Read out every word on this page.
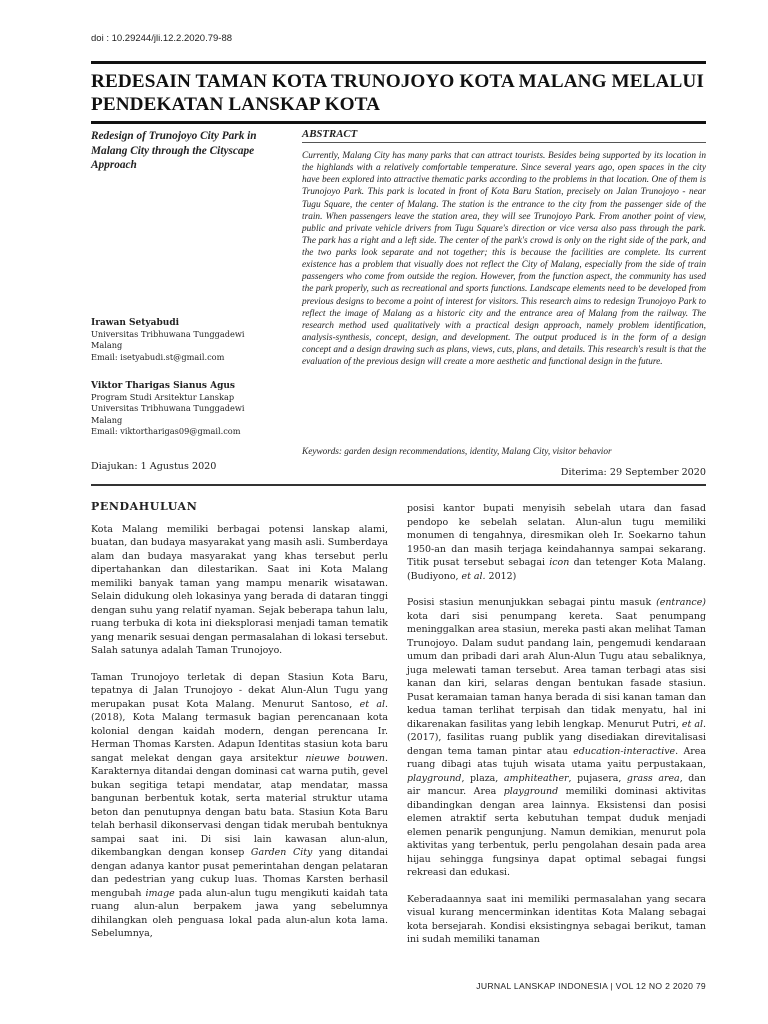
doi : 10.29244/jli.12.2.2020.79-88
REDESAIN TAMAN KOTA TRUNOJOYO KOTA MALANG MELALUI PENDEKATAN LANSKAP KOTA
Redesign of Trunojoyo City Park in Malang City through the Cityscape Approach
ABSTRACT
Currently, Malang City has many parks that can attract tourists. Besides being supported by its location in the highlands with a relatively comfortable temperature. Since several years ago, open spaces in the city have been explored into attractive thematic parks according to the problems in that location. One of them is Trunojoyo Park. This park is located in front of Kota Baru Station, precisely on Jalan Trunojoyo - near Tugu Square, the center of Malang. The station is the entrance to the city from the passenger side of the train. When passengers leave the station area, they will see Trunojoyo Park. From another point of view, public and private vehicle drivers from Tugu Square's direction or vice versa also pass through the park. The park has a right and a left side. The center of the park's crowd is only on the right side of the park, and the two parks look separate and not together; this is because the facilities are complete. Its current existence has a problem that visually does not reflect the City of Malang, especially from the side of train passengers who come from outside the region. However, from the function aspect, the community has used the park properly, such as recreational and sports functions. Landscape elements need to be developed from previous designs to become a point of interest for visitors. This research aims to redesign Trunojoyo Park to reflect the image of Malang as a historic city and the entrance area of Malang from the railway. The research method used qualitatively with a practical design approach, namely problem identification, analysis-synthesis, concept, design, and development. The output produced is in the form of a design concept and a design drawing such as plans, views, cuts, plans, and details. This research's result is that the evaluation of the previous design will create a more aesthetic and functional design in the future.
Keywords: garden design recommendations, identity, Malang City, visitor behavior
Irawan Setyabudi
Universitas Tribhuwana Tunggadewi
Malang
Email: isetyabudi.st@gmail.com
Viktor Tharigas Sianus Agus
Program Studi Arsitektur Lanskap
Universitas Tribhuwana Tunggadewi
Malang
Email: viktortharigas09@gmail.com
Diajukan: 1 Agustus 2020
Diterima: 29 September 2020
PENDAHULUAN

Kota Malang memiliki berbagai potensi lanskap alami, buatan, dan budaya masyarakat yang masih asli. Sumberdaya alam dan budaya masyarakat yang khas tersebut perlu dipertahankan dan dilestarikan. Saat ini Kota Malang memiliki banyak taman yang mampu menarik wisatawan. Selain didukung oleh lokasinya yang berada di dataran tinggi dengan suhu yang relatif nyaman. Sejak beberapa tahun lalu, ruang terbuka di kota ini dieksplorasi menjadi taman tematik yang menarik sesuai dengan permasalahan di lokasi tersebut. Salah satunya adalah Taman Trunojoyo.

Taman Trunojoyo terletak di depan Stasiun Kota Baru, tepatnya di Jalan Trunojoyo - dekat Alun-Alun Tugu yang merupakan pusat Kota Malang. Menurut Santoso, et al. (2018), Kota Malang termasuk bagian perencanaan kota kolonial dengan kaidah modern, dengan perencana Ir. Herman Thomas Karsten. Adapun Identitas stasiun kota baru sangat melekat dengan gaya arsitektur nieuwe bouwen. Karakternya ditandai dengan dominasi cat warna putih, gevel bukan segitiga tetapi mendatar, atap mendatar, massa bangunan berbentuk kotak, serta material struktur utama beton dan penutupnya dengan batu bata. Stasiun Kota Baru telah berhasil dikonservasi dengan tidak merubah bentuknya sampai saat ini. Di sisi lain kawasan alun-alun, dikembangkan dengan konsep Garden City yang ditandai dengan adanya kantor pusat pemerintahan dengan pelataran dan pedestrian yang cukup luas. Thomas Karsten berhasil mengubah image pada alun-alun tugu mengikuti kaidah tata ruang alun-alun berpakem jawa yang sebelumnya dihilangkan oleh penguasa lokal pada alun-alun kota lama. Sebelumnya,

posisi kantor bupati menyisih sebelah utara dan fasad pendopo ke sebelah selatan. Alun-alun tugu memiliki monumen di tengahnya, diresmikan oleh Ir. Soekarno tahun 1950-an dan masih terjaga keindahannya sampai sekarang. Titik pusat tersebut sebagai icon dan tetenger Kota Malang. (Budiyono, et al. 2012)

Posisi stasiun menunjukkan sebagai pintu masuk (entrance) kota dari sisi penumpang kereta. Saat penumpang meninggalkan area stasiun, mereka pasti akan melihat Taman Trunojoyo. Dalam sudut pandang lain, pengemudi kendaraan umum dan pribadi dari arah Alun-Alun Tugu atau sebaliknya, juga melewati taman tersebut. Area taman terbagi atas sisi kanan dan kiri, selaras dengan bentukan fasade stasiun. Pusat keramaian taman hanya berada di sisi kanan taman dan kedua taman terlihat terpisah dan tidak menyatu, hal ini dikarenakan fasilitas yang lebih lengkap. Menurut Putri, et al. (2017), fasilitas ruang publik yang disediakan direvitalisasi dengan tema taman pintar atau education-interactive. Area ruang dibagi atas tujuh wisata utama yaitu perpustakaan, playground, plaza, amphiteather, pujasera, grass area, dan air mancur. Area playground memiliki dominasi aktivitas dibandingkan dengan area lainnya. Eksistensi dan posisi elemen atraktif serta kebutuhan tempat duduk menjadi elemen penarik pengunjung. Namun demikian, menurut pola aktivitas yang terbentuk, perlu pengolahan desain pada area hijau sehingga fungsinya dapat optimal sebagai fungsi rekreasi dan edukasi.

Keberadaannya saat ini memiliki permasalahan yang secara visual kurang mencerminkan identitas Kota Malang sebagai kota bersejarah. Kondisi eksistingnya sebagai berikut, taman ini sudah memiliki tanaman

JURNAL LANSKAP INDONESIA | VOL 12 NO 2 2020 79
